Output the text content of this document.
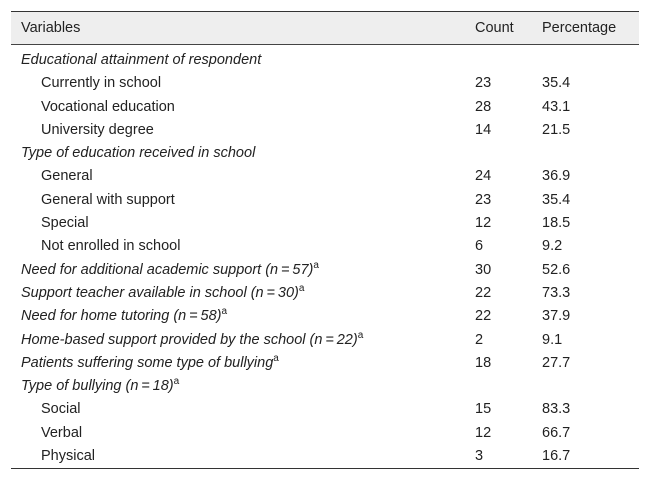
Variables	Count Percentage
Educational attainment of respondent
Currently in school	23	35.4
Vocational education	28	43.1
University degree	14	21.5
Type of education received in school
General	24	36.9
General with support	23	35.4
Special	12	18.5
Not enrolled in school	6	9.2
Need for additional academic support (n = 57)$^a$	30	52.6
Support teacher available in school (n = 30)$^a$	22	73.3
Need for home tutoring (n = 58)$^a$	22	37.9
Home-based support provided by the school (n = 22)$^a$	2	9.1
Patients suffering some type of bullying$^a$	18	27.7
Type of bullying (n = 18)$^a$
Social	15	83.3
Verbal	12	66.7
Physical	3	16.7
